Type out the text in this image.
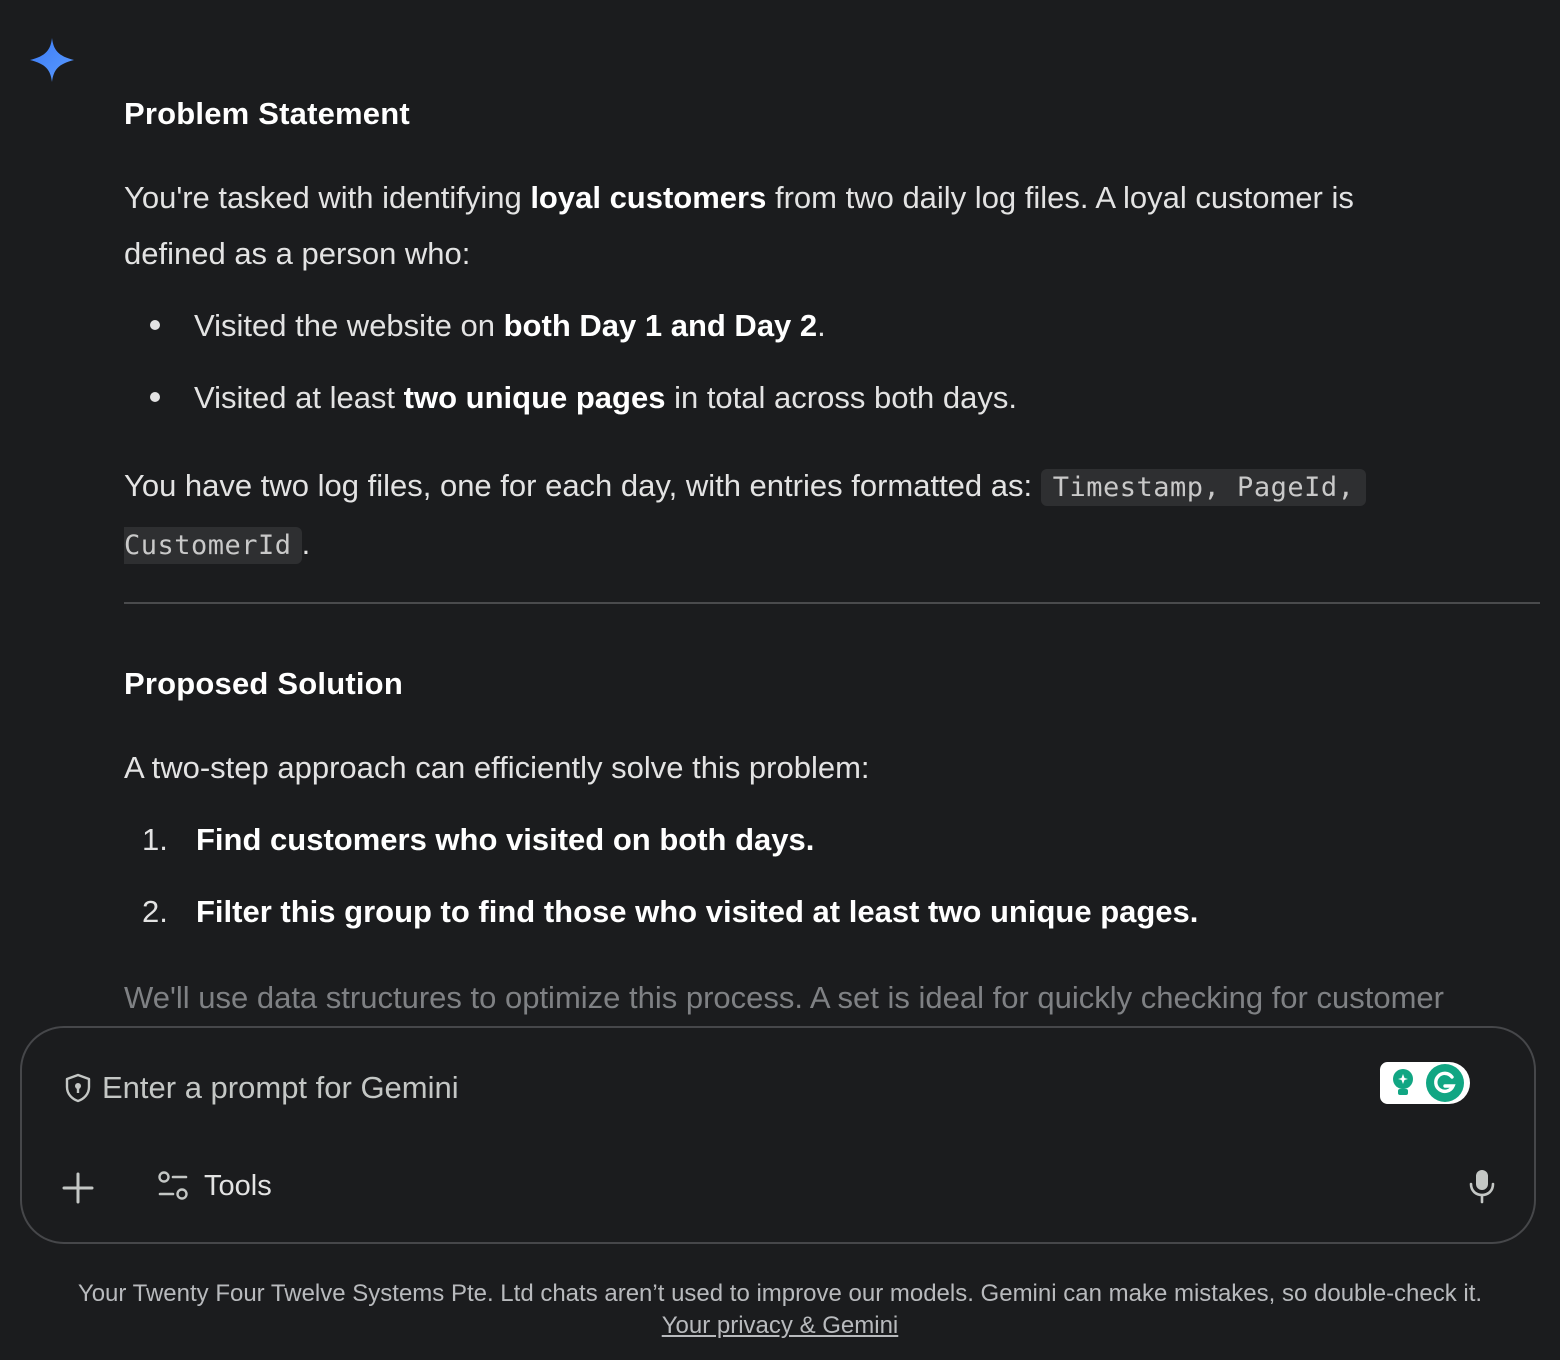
Problem Statement
You're tasked with identifying loyal customers from two daily log files. A loyal customer is
defined as a person who:
Visited the website on both Day 1 and Day 2.
Visited at least two unique pages in total across both days.
You have two log files, one for each day, with entries formatted as: Timestamp, PageId,
CustomerId .
Proposed Solution
A two-step approach can efficiently solve this problem:
1. Find customers who visited on both days.
2. Filter this group to find those who visited at least two unique pages.
We'll use data structures to optimize this process. A set is ideal for quickly checking for customer
Enter a prompt for Gemini
Tools
Your Twenty Four Twelve Systems Pte. Ltd chats aren’t used to improve our models. Gemini can make mistakes, so double-check it.
Your privacy & Gemini
